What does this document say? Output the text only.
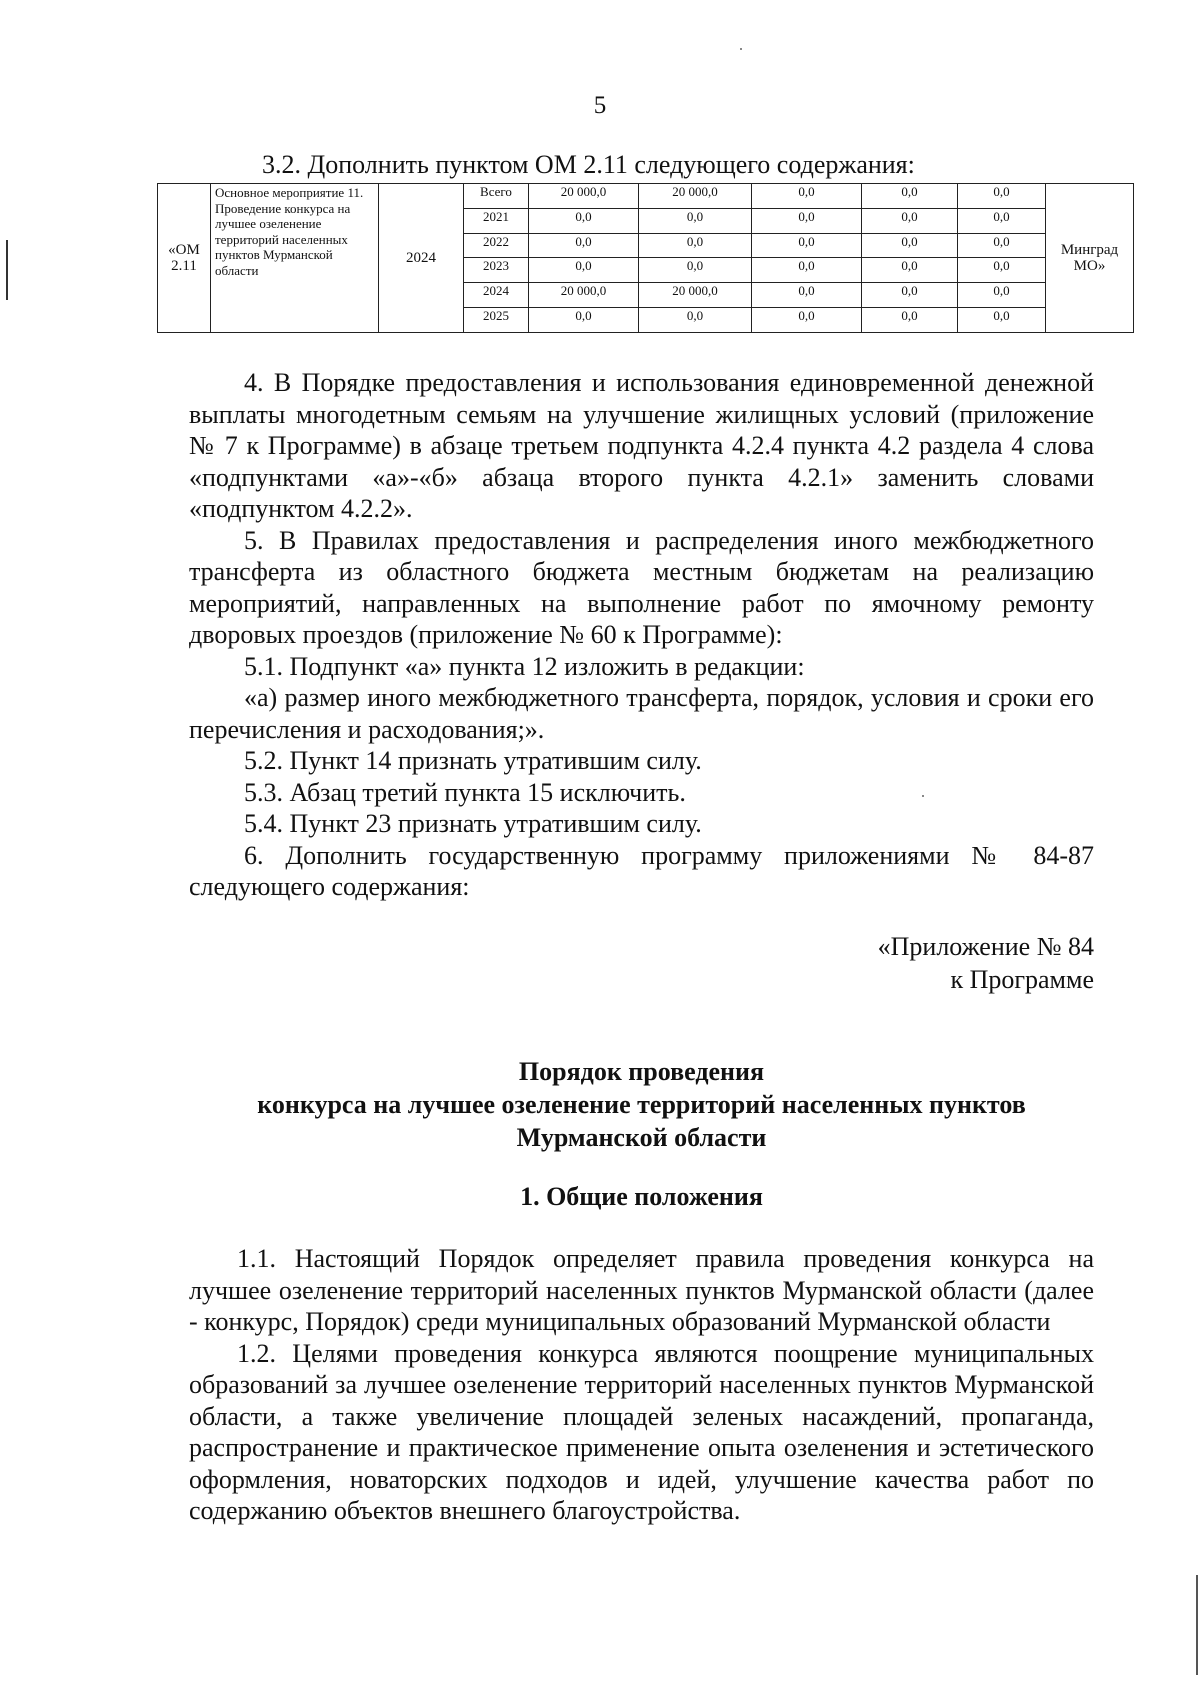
5
3.2. Дополнить пунктом ОМ 2.11 следующего содержания:
«ОМ 2.11	Основное мероприятие 11. Проведение конкурса на лучшее озеленение территорий населенных пунктов Мурманской области	2024	Всего	20 000,0	20 000,0	0,0	0,0	0,0	Минград МО»
			2021	0,0	0,0	0,0	0,0	0,0	
			2022	0,0	0,0	0,0	0,0	0,0	
			2023	0,0	0,0	0,0	0,0	0,0	
			2024	20 000,0	20 000,0	0,0	0,0	0,0	
			2025	0,0	0,0	0,0	0,0	0,0	

4. В Порядке предоставления и использования единовременной денежной выплаты многодетным семьям на улучшение жилищных условий (приложение № 7 к Программе) в абзаце третьем подпункта 4.2.4 пункта 4.2 раздела 4 слова «подпунктами «а»-«б» абзаца второго пункта 4.2.1» заменить словами «подпунктом 4.2.2».

5. В Правилах предоставления и распределения иного межбюджетного трансферта из областного бюджета местным бюджетам на реализацию мероприятий, направленных на выполнение работ по ямочному ремонту дворовых проездов (приложение № 60 к Программе):

5.1. Подпункт «а» пункта 12 изложить в редакции:

«а) размер иного межбюджетного трансферта, порядок, условия и сроки его перечисления и расходования;».

5.2. Пункт 14 признать утратившим силу.

5.3. Абзац третий пункта 15 исключить.

5.4. Пункт 23 признать утратившим силу.

6. Дополнить государственную программу приложениями № 84-87 следующего содержания:

«Приложение № 84
к Программе
Порядок проведения
конкурса на лучшее озеленение территорий населенных пунктов
Мурманской области
1. Общие положения

1.1. Настоящий Порядок определяет правила проведения конкурса на лучшее озеленение территорий населенных пунктов Мурманской области (далее - конкурс, Порядок) среди муниципальных образований Мурманской области

1.2. Целями проведения конкурса являются поощрение муниципальных образований за лучшее озеленение территорий населенных пунктов Мурманской области, а также увеличение площадей зеленых насаждений, пропаганда, распространение и практическое применение опыта озеленения и эстетического оформления, новаторских подходов и идей, улучшение качества работ по содержанию объектов внешнего благоустройства.
